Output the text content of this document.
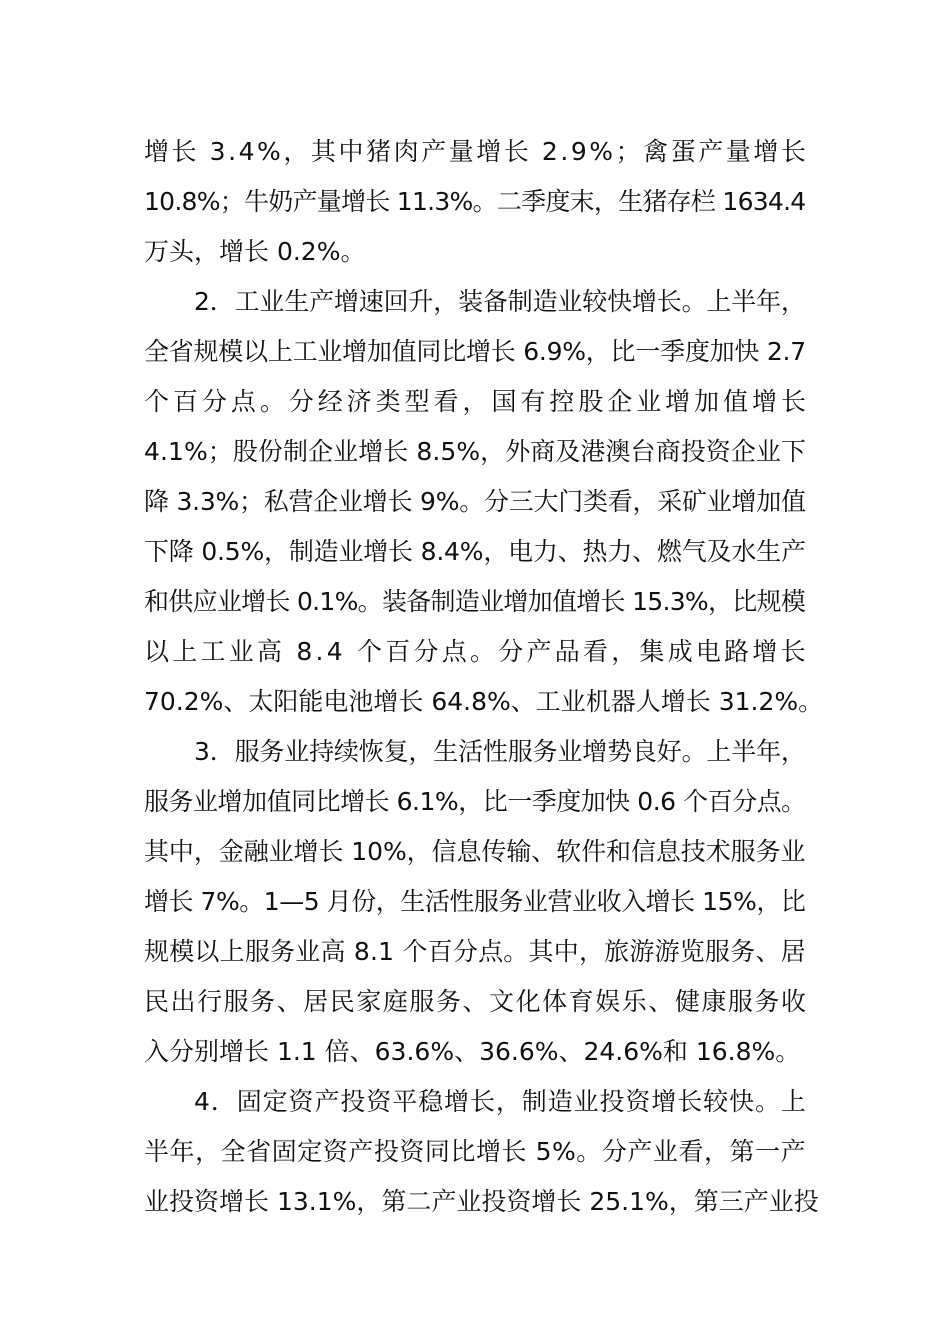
增长 3.4%，其中猪肉产量增长 2.9%；禽蛋产量增长
10.8%；牛奶产量增长 11.3%。二季度末，生猪存栏 1634.4
万头，增长 0.2%。
2．工业生产增速回升，装备制造业较快增长。上半年，
全省规模以上工业增加值同比增长 6.9%，比一季度加快 2.7
个百分点。分经济类型看，国有控股企业增加值增长
4.1%；股份制企业增长 8.5%，外商及港澳台商投资企业下
降 3.3%；私营企业增长 9%。分三大门类看，采矿业增加值
下降 0.5%，制造业增长 8.4%，电力、热力、燃气及水生产
和供应业增长 0.1%。装备制造业增加值增长 15.3%，比规模
以上工业高 8.4 个百分点。分产品看，集成电路增长
70.2%、太阳能电池增长 64.8%、工业机器人增长 31.2%。
3．服务业持续恢复，生活性服务业增势良好。上半年，
服务业增加值同比增长 6.1%，比一季度加快 0.6 个百分点。
其中，金融业增长 10%，信息传输、软件和信息技术服务业
增长 7%。1—5 月份，生活性服务业营业收入增长 15%，比
规模以上服务业高 8.1 个百分点。其中，旅游游览服务、居
民出行服务、居民家庭服务、文化体育娱乐、健康服务收
入分别增长 1.1 倍、63.6%、36.6%、24.6%和 16.8%。
4．固定资产投资平稳增长，制造业投资增长较快。上
半年，全省固定资产投资同比增长 5%。分产业看，第一产
业投资增长 13.1%，第二产业投资增长 25.1%，第三产业投
